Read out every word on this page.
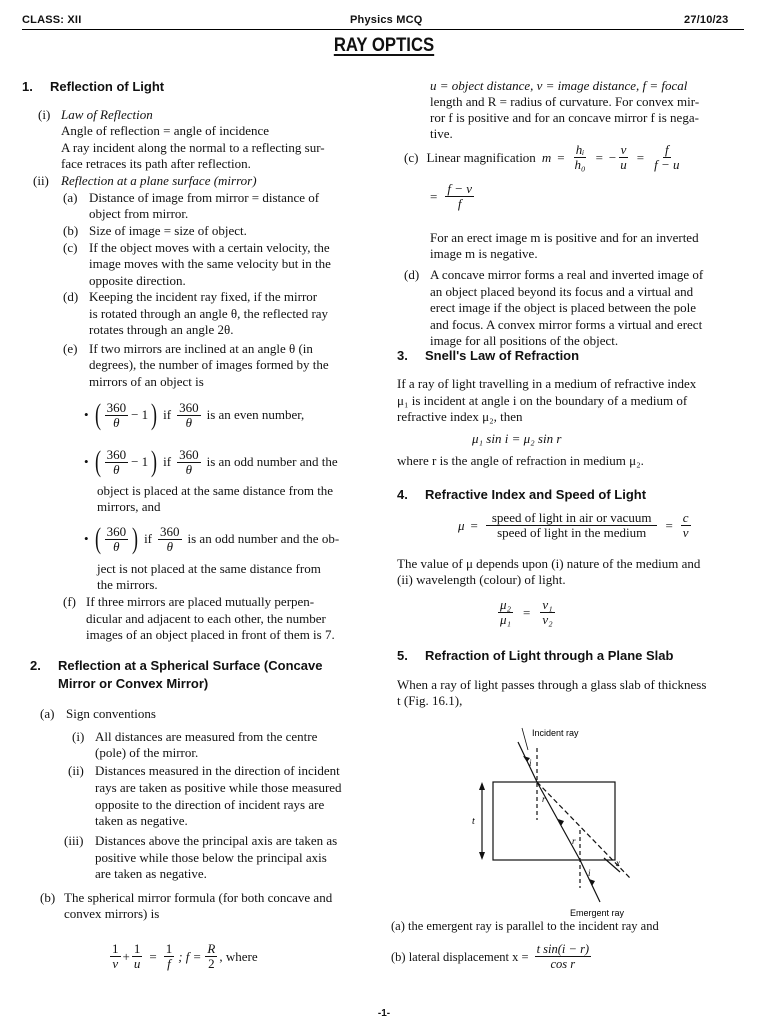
CLASS: XII	Physics MCQ	27/10/23
RAY OPTICS
1. Reflection of Light
(i) Law of Reflection
Angle of reflection = angle of incidence
A ray incident along the normal to a reflecting sur-
face retraces its path after reflection.
(ii) Reflection at a plane surface (mirror)
(a) Distance of image from mirror = distance of
object from mirror.
(b) Size of image = size of object.
(c) If the object moves with a certain velocity, the
image moves with the same velocity but in the
opposite direction.
(d) Keeping the incident ray fixed, if the mirror
is rotated through an angle θ, the reflected ray
rotates through an angle 2θ.
(e) If two mirrors are inclined at an angle θ (in
degrees), the number of images formed by the
mirrors of an object is
• ( $\frac{360}{\theta} - 1$ ) if $\frac{360}{\theta}$ is an even number,
• ( $\frac{360}{\theta} - 1$ ) if $\frac{360}{\theta}$ is an odd number and the
object is placed at the same distance from the
mirrors, and
• ( $\frac{360}{\theta}$ ) if $\frac{360}{\theta}$ is an odd number and the ob-
ject is not placed at the same distance from
the mirrors.
(f) If three mirrors are placed mutually perpen-
dicular and adjacent to each other, the number
images of an object placed in front of them is 7.
2. Reflection at a Spherical Surface (Concave
Mirror or Convex Mirror)
(a) Sign conventions
(i) All distances are measured from the centre
(pole) of the mirror.
(ii) Distances measured in the direction of incident
rays are taken as positive while those measured
opposite to the direction of incident rays are
taken as negative.
(iii) Distances above the principal axis are taken as
positive while those below the principal axis
are taken as negative.
(b) The spherical mirror formula (for both concave and
convex mirrors) is
$\frac{1}{v} + \frac{1}{u} = \frac{1}{f}$ ; $f = \frac{R}{2}$ , where
u = object distance, v = image distance, f = focal
length and R = radius of curvature. For convex mir-
ror f is positive and for an concave mirror f is nega-
tive.
(c) Linear magnification $m = \frac{\text{hᵢ}}{\text{h₀}}$ = − $\frac{v}{u} = \frac{f}{f - u}$
= $\frac{f - v}{f}$
For an erect image m is positive and for an inverted
image m is negative.
(d) A concave mirror forms a real and inverted image of
an object placed beyond its focus and a virtual and
erect image if the object is placed between the pole
and focus. A convex mirror forms a virtual and erect
image for all positions of the object.
3. Snell's Law of Refraction
If a ray of light travelling in a medium of refractive index
μ₁ is incident at angle i on the boundary of a medium of
refractive index μ₂, then
μ₁ sin i = μ₂ sin r
where r is the angle of refraction in medium μ₂.
4. Refractive Index and Speed of Light
$\mu = \frac{\text{speed of light in air or vacuum}}{\text{speed of light in the medium}} = \frac{c}{v}$
The value of μ depends upon (i) nature of the medium and
(ii) wavelength (colour) of light.
$\frac{\text{μ₂}}{\text{μ₁}} = \frac{\text{v₁}}{\text{v₂}}$
5. Refraction of Light through a Plane Slab
When a ray of light passes through a glass slab of thickness
t (Fig. 16.1),
Incident ray
Emergent ray
t
i
r
r
i
x
(a) the emergent ray is parallel to the incident ray and
(b) lateral displacement $x = \frac{\text{t sin(i − r)}}{\text{cos r}}$
-1-
